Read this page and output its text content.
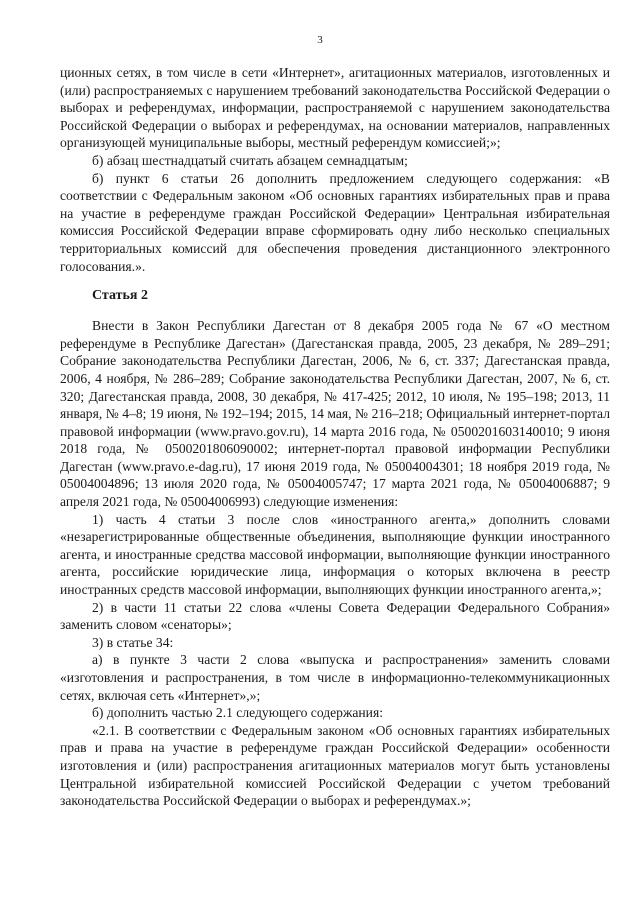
3

ционных сетях, в том числе в сети «Интернет», агитационных материалов, изготовленных и (или) распространяемых с нарушением требований законодательства Российской Федерации о выборах и референдумах, информации, распространяемой с нарушением законодательства Российской Федерации о выборах и референдумах, на основании материалов, направленных организующей муниципальные выборы, местный референдум комиссией;»;

б) абзац шестнадцатый считать абзацем семнадцатым;

б) пункт 6 статьи 26 дополнить предложением следующего содержания: «В соответствии с Федеральным законом «Об основных гарантиях избирательных прав и права на участие в референдуме граждан Российской Федерации» Центральная избирательная комиссия Российской Федерации вправе сформировать одну либо несколько специальных территориальных комиссий для обеспечения проведения дистанционного электронного голосования.».

Статья 2

Внести в Закон Республики Дагестан от 8 декабря 2005 года № 67 «О местном референдуме в Республике Дагестан» (Дагестанская правда, 2005, 23 декабря, № 289–291; Собрание законодательства Республики Дагестан, 2006, № 6, ст. 337; Дагестанская правда, 2006, 4 ноября, № 286–289; Собрание законодательства Республики Дагестан, 2007, № 6, ст. 320; Дагестанская правда, 2008, 30 декабря, № 417-425; 2012, 10 июля, № 195–198; 2013, 11 января, № 4–8; 19 июня, № 192–194; 2015, 14 мая, № 216–218; Официальный интернет-портал правовой информации (www.pravo.gov.ru), 14 марта 2016 года, № 0500201603140010; 9 июня 2018 года, № 0500201806090002; интернет-портал правовой информации Республики Дагестан (www.pravo.e-dag.ru), 17 июня 2019 года, № 05004004301; 18 ноября 2019 года, № 05004004896; 13 июля 2020 года, № 05004005747; 17 марта 2021 года, № 05004006887; 9 апреля 2021 года, № 05004006993) следующие изменения:

1) часть 4 статьи 3 после слов «иностранного агента,» дополнить словами «незарегистрированные общественные объединения, выполняющие функции иностранного агента, и иностранные средства массовой информации, выполняющие функции иностранного агента, российские юридические лица, информация о которых включена в реестр иностранных средств массовой информации, выполняющих функции иностранного агента,»;

2) в части 11 статьи 22 слова «члены Совета Федерации Федерального Собрания» заменить словом «сенаторы»;

3) в статье 34:

а) в пункте 3 части 2 слова «выпуска и распространения» заменить словами «изготовления и распространения, в том числе в информационно-телекоммуникационных сетях, включая сеть «Интернет»,»;

б) дополнить частью 2.1 следующего содержания:

«2.1. В соответствии с Федеральным законом «Об основных гарантиях избирательных прав и права на участие в референдуме граждан Российской Федерации» особенности изготовления и (или) распространения агитационных материалов могут быть установлены Центральной избирательной комиссией Российской Федерации с учетом требований законодательства Российской Федерации о выборах и референдумах.»;
